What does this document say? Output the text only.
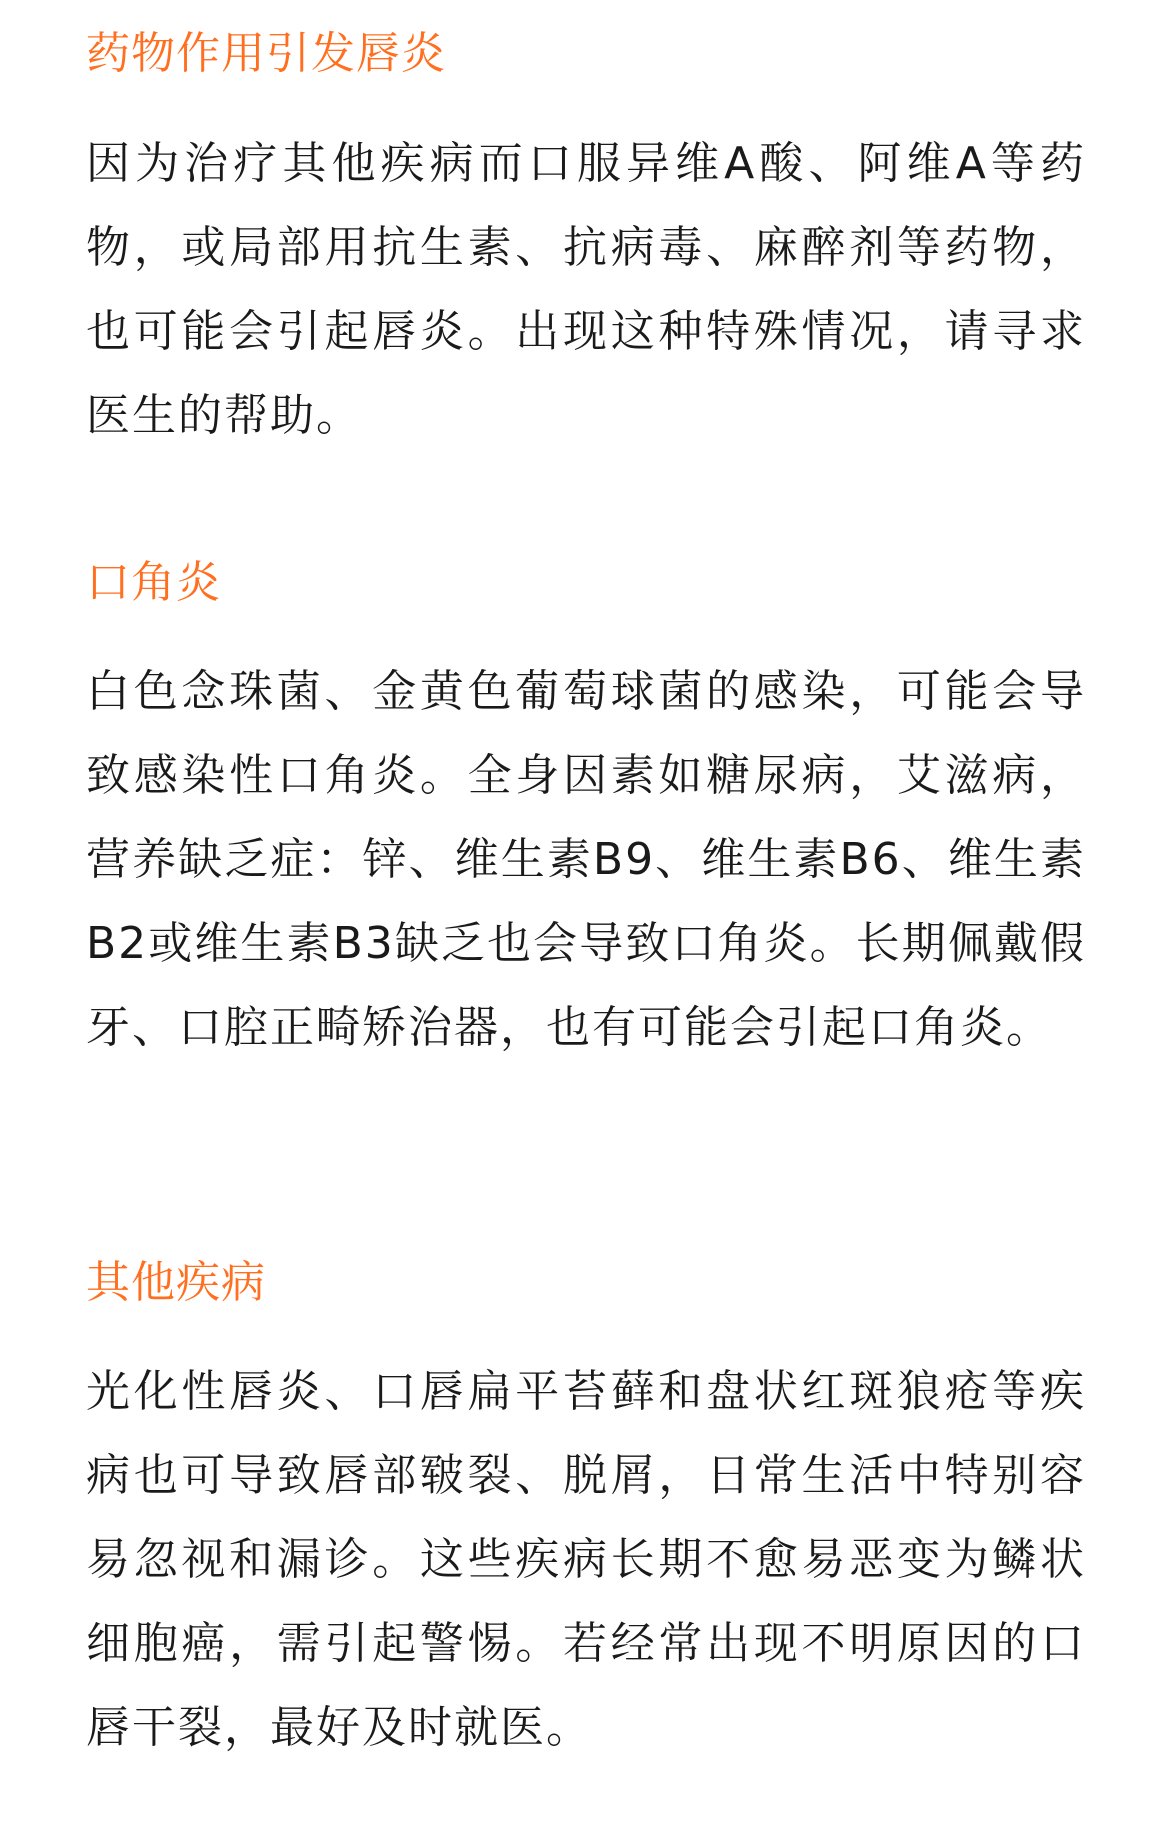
药物作用引发唇炎

因为治疗其他疾病而口服异维A酸、阿维A等药物，或局部用抗生素、抗病毒、麻醉剂等药物，也可能会引起唇炎。出现这种特殊情况，请寻求医生的帮助。

口角炎

白色念珠菌、金黄色葡萄球菌的感染，可能会导致感染性口角炎。全身因素如糖尿病，艾滋病，营养缺乏症：锌、维生素B9、维生素B6、维生素B2或维生素B3缺乏也会导致口角炎。长期佩戴假牙、口腔正畸矫治器，也有可能会引起口角炎。

其他疾病

光化性唇炎、口唇扁平苔藓和盘状红斑狼疮等疾病也可导致唇部皲裂、脱屑，日常生活中特别容易忽视和漏诊。这些疾病长期不愈易恶变为鳞状细胞癌，需引起警惕。若经常出现不明原因的口唇干裂，最好及时就医。
